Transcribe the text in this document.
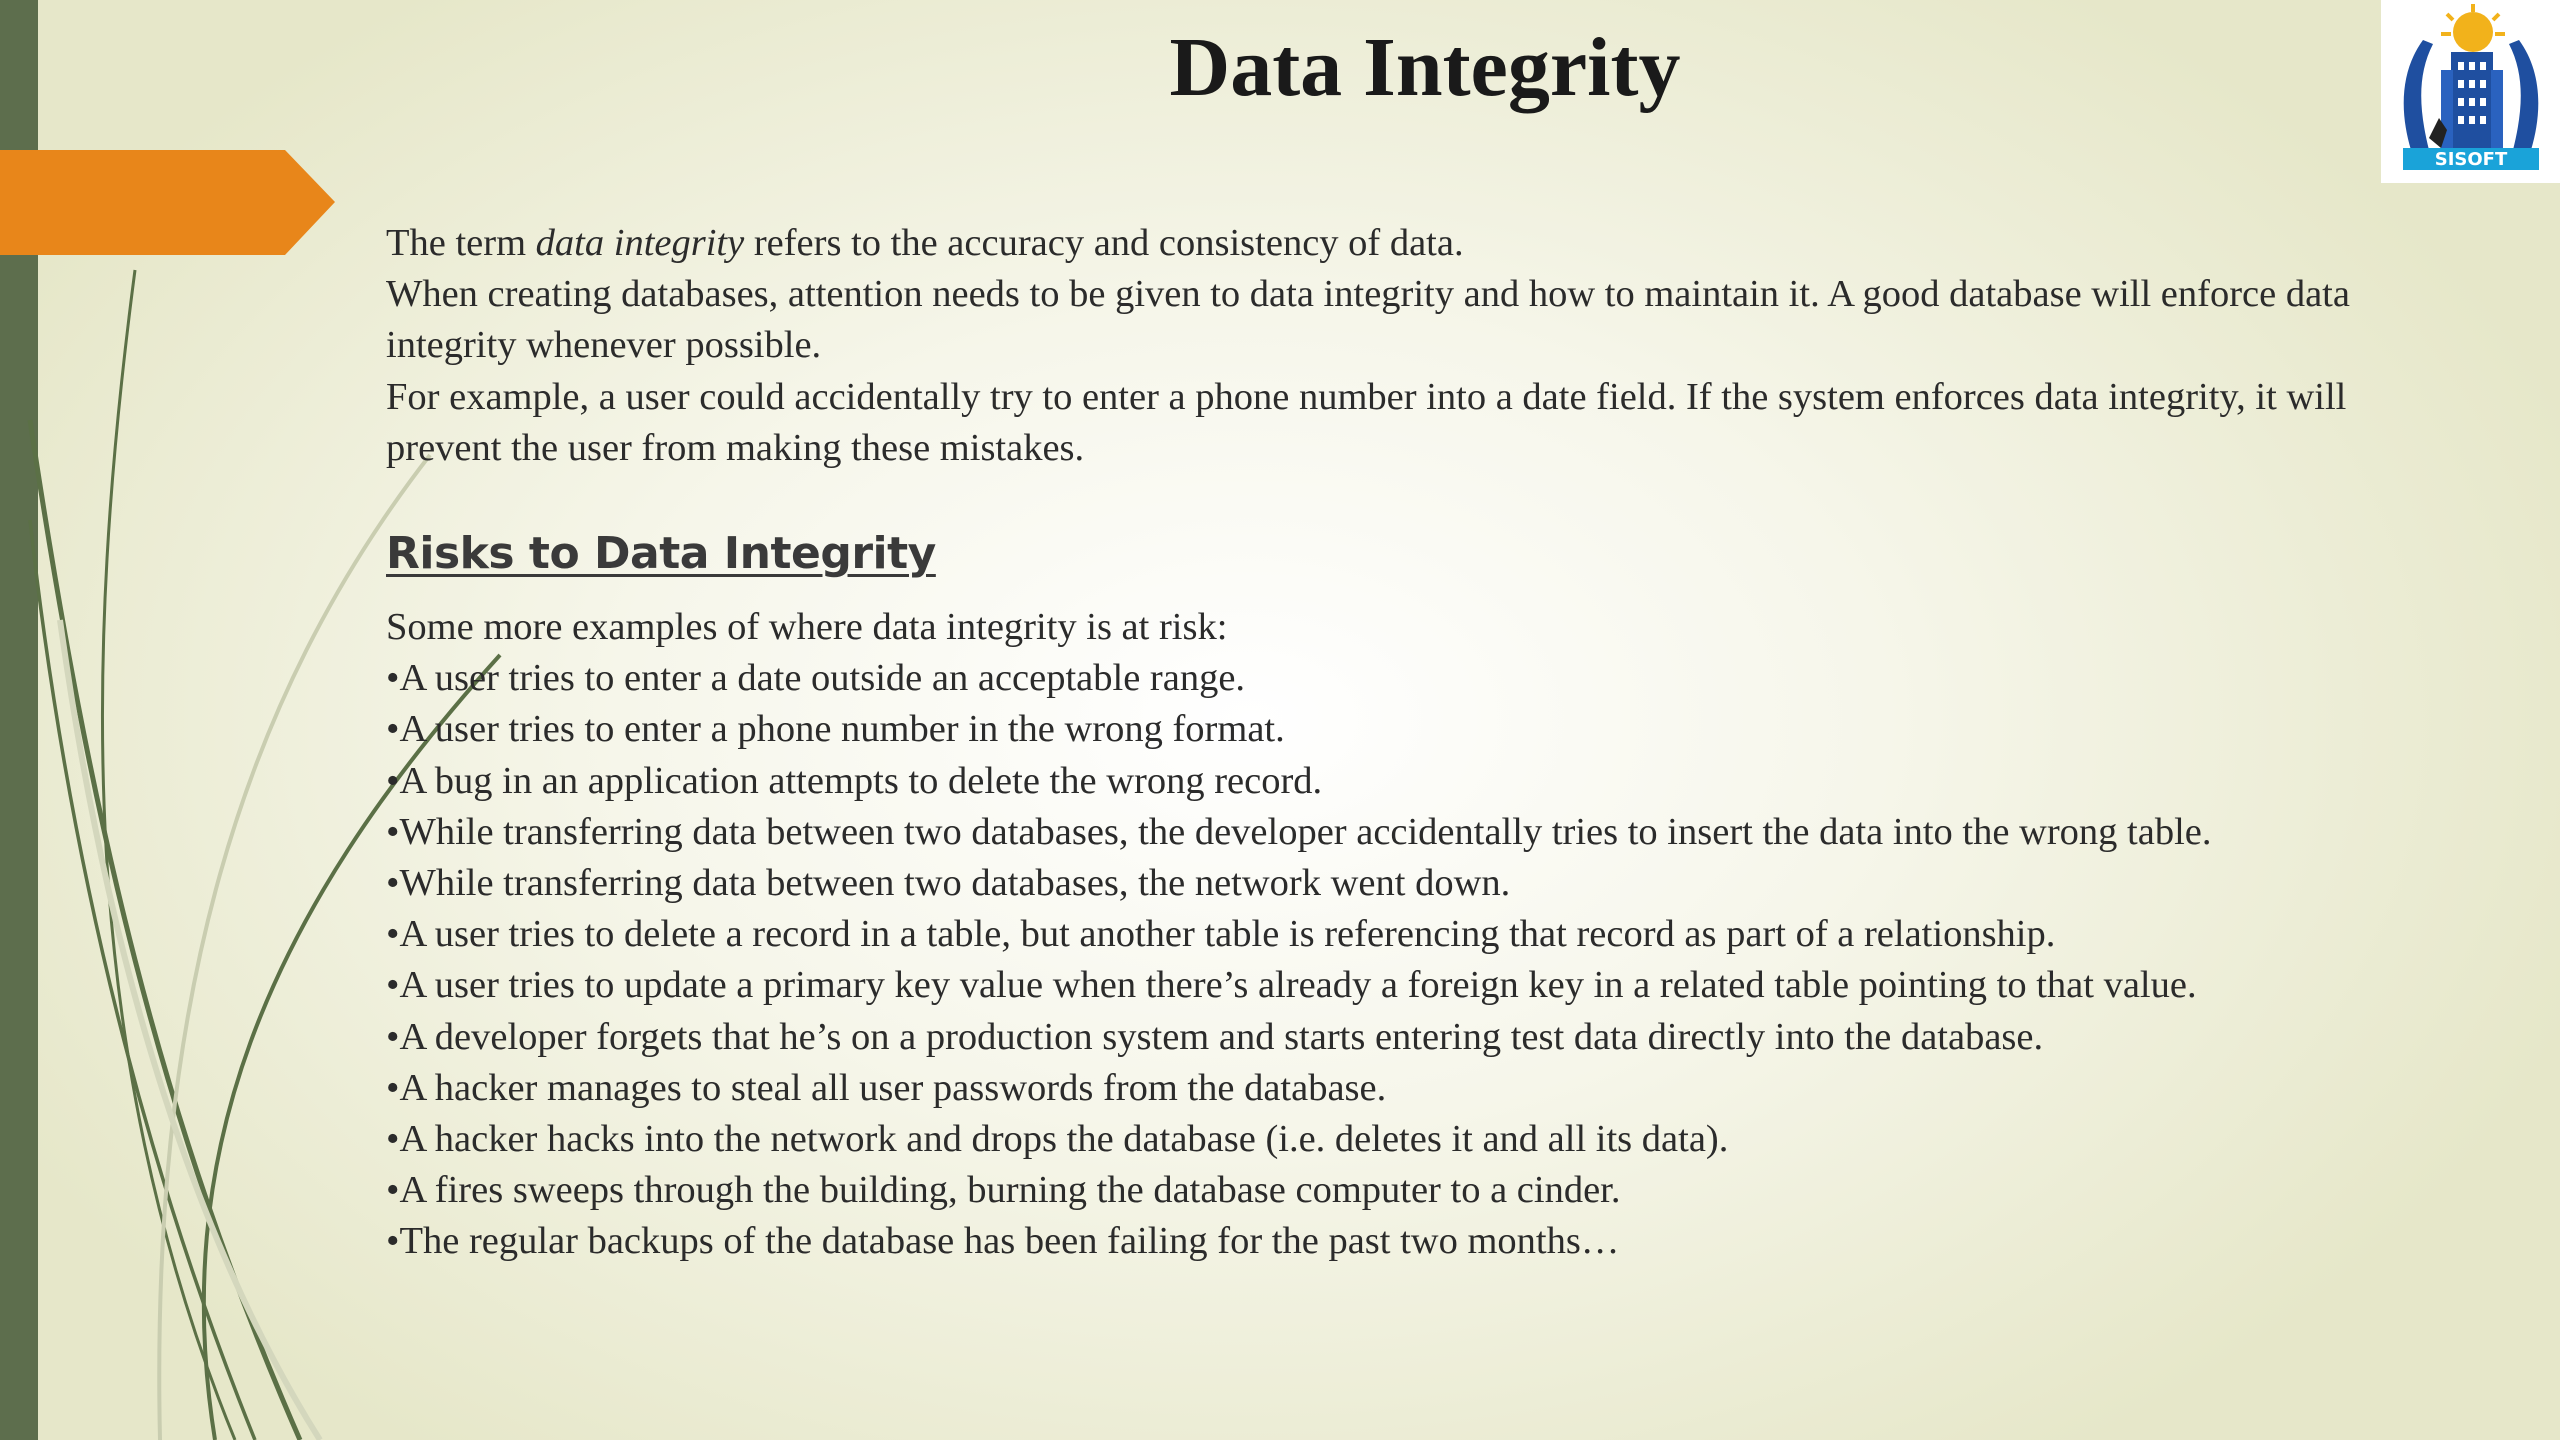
SISOFT
Data Integrity

The term data integrity refers to the accuracy and consistency of data.

When creating databases, attention needs to be given to data integrity and how to maintain it. A good database will enforce data integrity whenever possible.

For example, a user could accidentally try to enter a phone number into a date field. If the system enforces data integrity, it will prevent the user from making these mistakes.

Risks to Data Integrity
Some more examples of where data integrity is at risk:
•A user tries to enter a date outside an acceptable range.
•A user tries to enter a phone number in the wrong format.
•A bug in an application attempts to delete the wrong record.
•While transferring data between two databases, the developer accidentally tries to insert the data into the wrong table.
•While transferring data between two databases, the network went down.
•A user tries to delete a record in a table, but another table is referencing that record as part of a relationship.
•A user tries to update a primary key value when there’s already a foreign key in a related table pointing to that value.
•A developer forgets that he’s on a production system and starts entering test data directly into the database.
•A hacker manages to steal all user passwords from the database.
•A hacker hacks into the network and drops the database (i.e. deletes it and all its data).
•A fires sweeps through the building, burning the database computer to a cinder.
•The regular backups of the database has been failing for the past two months…
